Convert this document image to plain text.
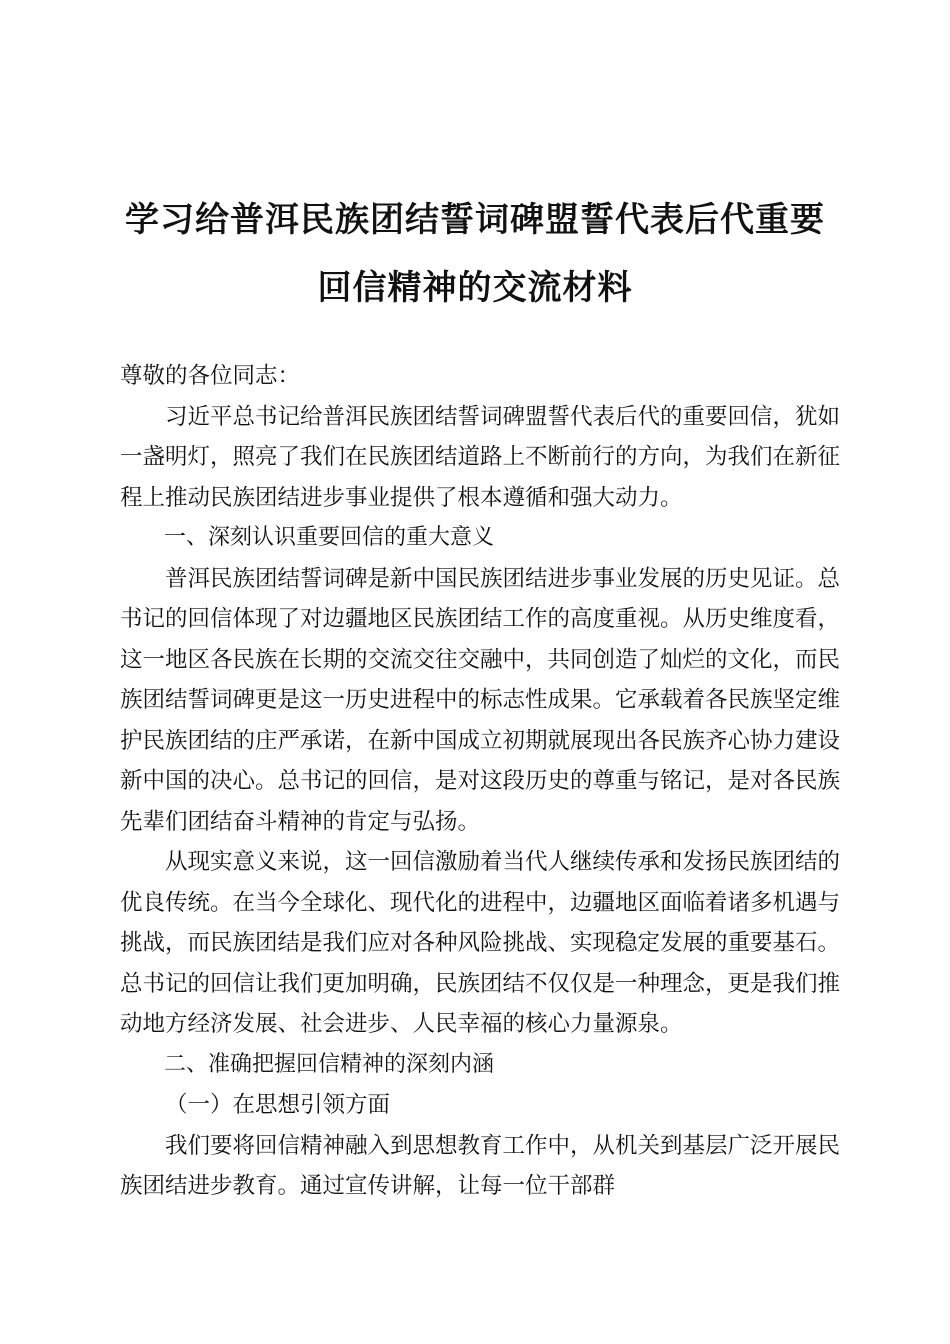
学习给普洱民族团结誓词碑盟誓代表后代重要
回信精神的交流材料

尊敬的各位同志：

习近平总书记给普洱民族团结誓词碑盟誓代表后代的重要回信，犹如一盏明灯，照亮了我们在民族团结道路上不断前行的方向，为我们在新征程上推动民族团结进步事业提供了根本遵循和强大动力。

一、深刻认识重要回信的重大意义

普洱民族团结誓词碑是新中国民族团结进步事业发展的历史见证。总书记的回信体现了对边疆地区民族团结工作的高度重视。从历史维度看，这一地区各民族在长期的交流交往交融中，共同创造了灿烂的文化，而民族团结誓词碑更是这一历史进程中的标志性成果。它承载着各民族坚定维护民族团结的庄严承诺，在新中国成立初期就展现出各民族齐心协力建设新中国的决心。总书记的回信，是对这段历史的尊重与铭记，是对各民族先辈们团结奋斗精神的肯定与弘扬。

从现实意义来说，这一回信激励着当代人继续传承和发扬民族团结的优良传统。在当今全球化、现代化的进程中，边疆地区面临着诸多机遇与挑战，而民族团结是我们应对各种风险挑战、实现稳定发展的重要基石。总书记的回信让我们更加明确，民族团结不仅仅是一种理念，更是我们推动地方经济发展、社会进步、人民幸福的核心力量源泉。

二、准确把握回信精神的深刻内涵

（一）在思想引领方面

我们要将回信精神融入到思想教育工作中，从机关到基层广泛开展民族团结进步教育。通过宣传讲解，让每一位干部群
